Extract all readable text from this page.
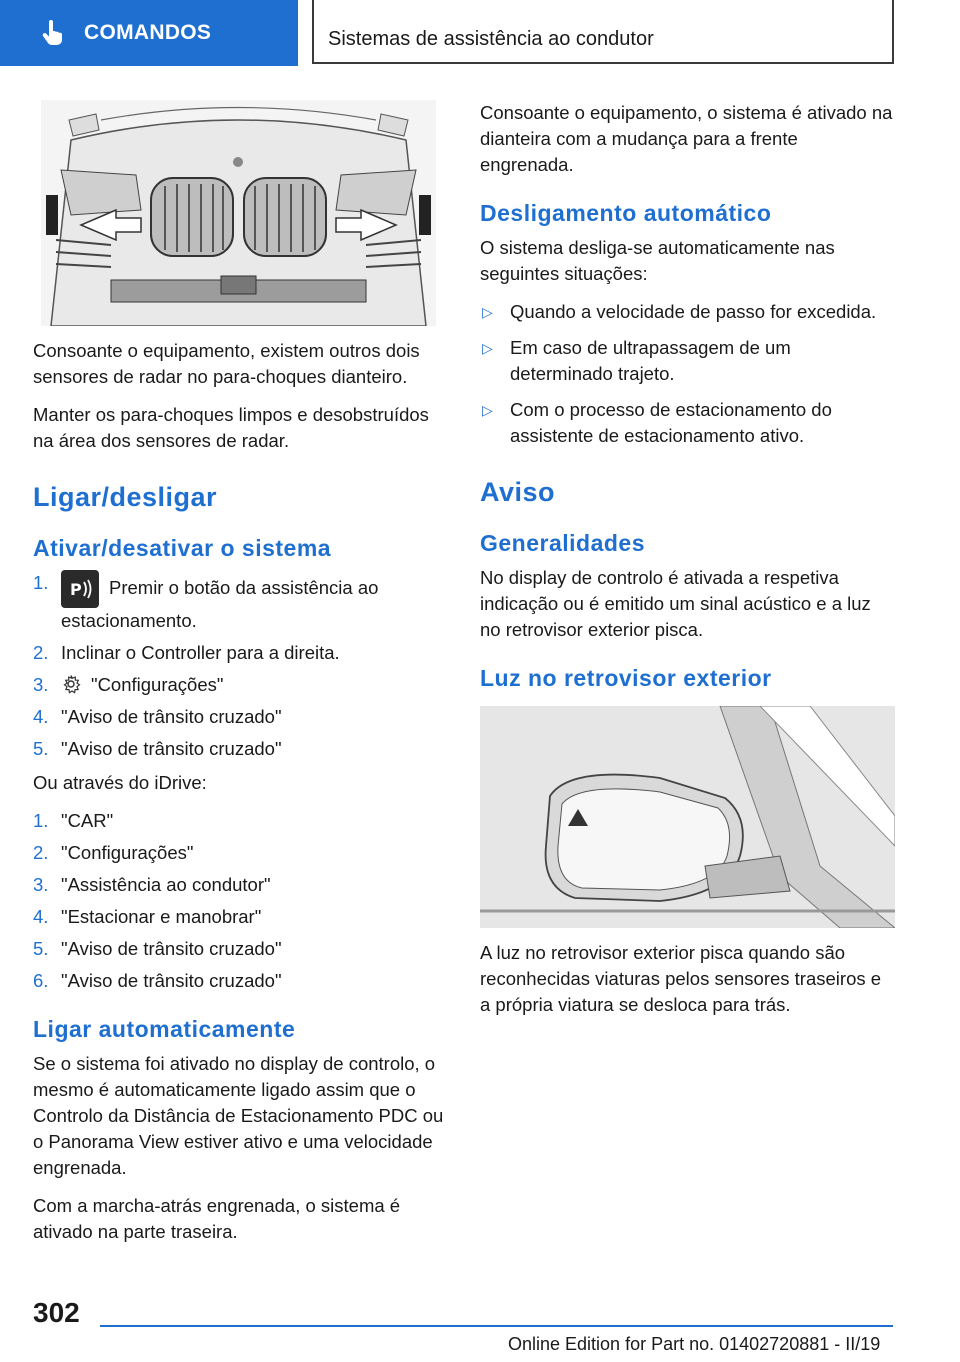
COMANDOS	Sistemas de assistência ao condutor

Consoante o equipamento, existem outros dois sensores de radar no para-choques dianteiro.

Manter os para-choques limpos e desobstruídos na área dos sensores de radar.

Ligar/desligar
Ativar/desativar o sistema
1. P Premir o botão da assistência ao estacionamento.
2. Inclinar o Controller para a direita.
3. "Configurações"
4. "Aviso de trânsito cruzado"
5. "Aviso de trânsito cruzado"

Ou através do iDrive:

1. "CAR"
2. "Configurações"
3. "Assistência ao condutor"
4. "Estacionar e manobrar"
5. "Aviso de trânsito cruzado"
6. "Aviso de trânsito cruzado"
Ligar automaticamente

Se o sistema foi ativado no display de controlo, o mesmo é automaticamente ligado assim que o Controlo da Distância de Estacionamento PDC ou o Panorama View estiver ativo e uma velocidade engrenada.

Com a marcha-atrás engrenada, o sistema é ativado na parte traseira.

Consoante o equipamento, o sistema é ativado na dianteira com a mudança para a frente engrenada.

Desligamento automático

O sistema desliga-se automaticamente nas seguintes situações:

▷ Quando a velocidade de passo for excedida.
▷ Em caso de ultrapassagem de um determinado trajeto.
▷ Com o processo de estacionamento do assistente de estacionamento ativo.
Aviso
Generalidades

No display de controlo é ativada a respetiva indicação ou é emitido um sinal acústico e a luz no retrovisor exterior pisca.

Luz no retrovisor exterior

A luz no retrovisor exterior pisca quando são reconhecidas viaturas pelos sensores traseiros e a própria viatura se desloca para trás.

302
Online Edition for Part no. 01402720881 - II/19
